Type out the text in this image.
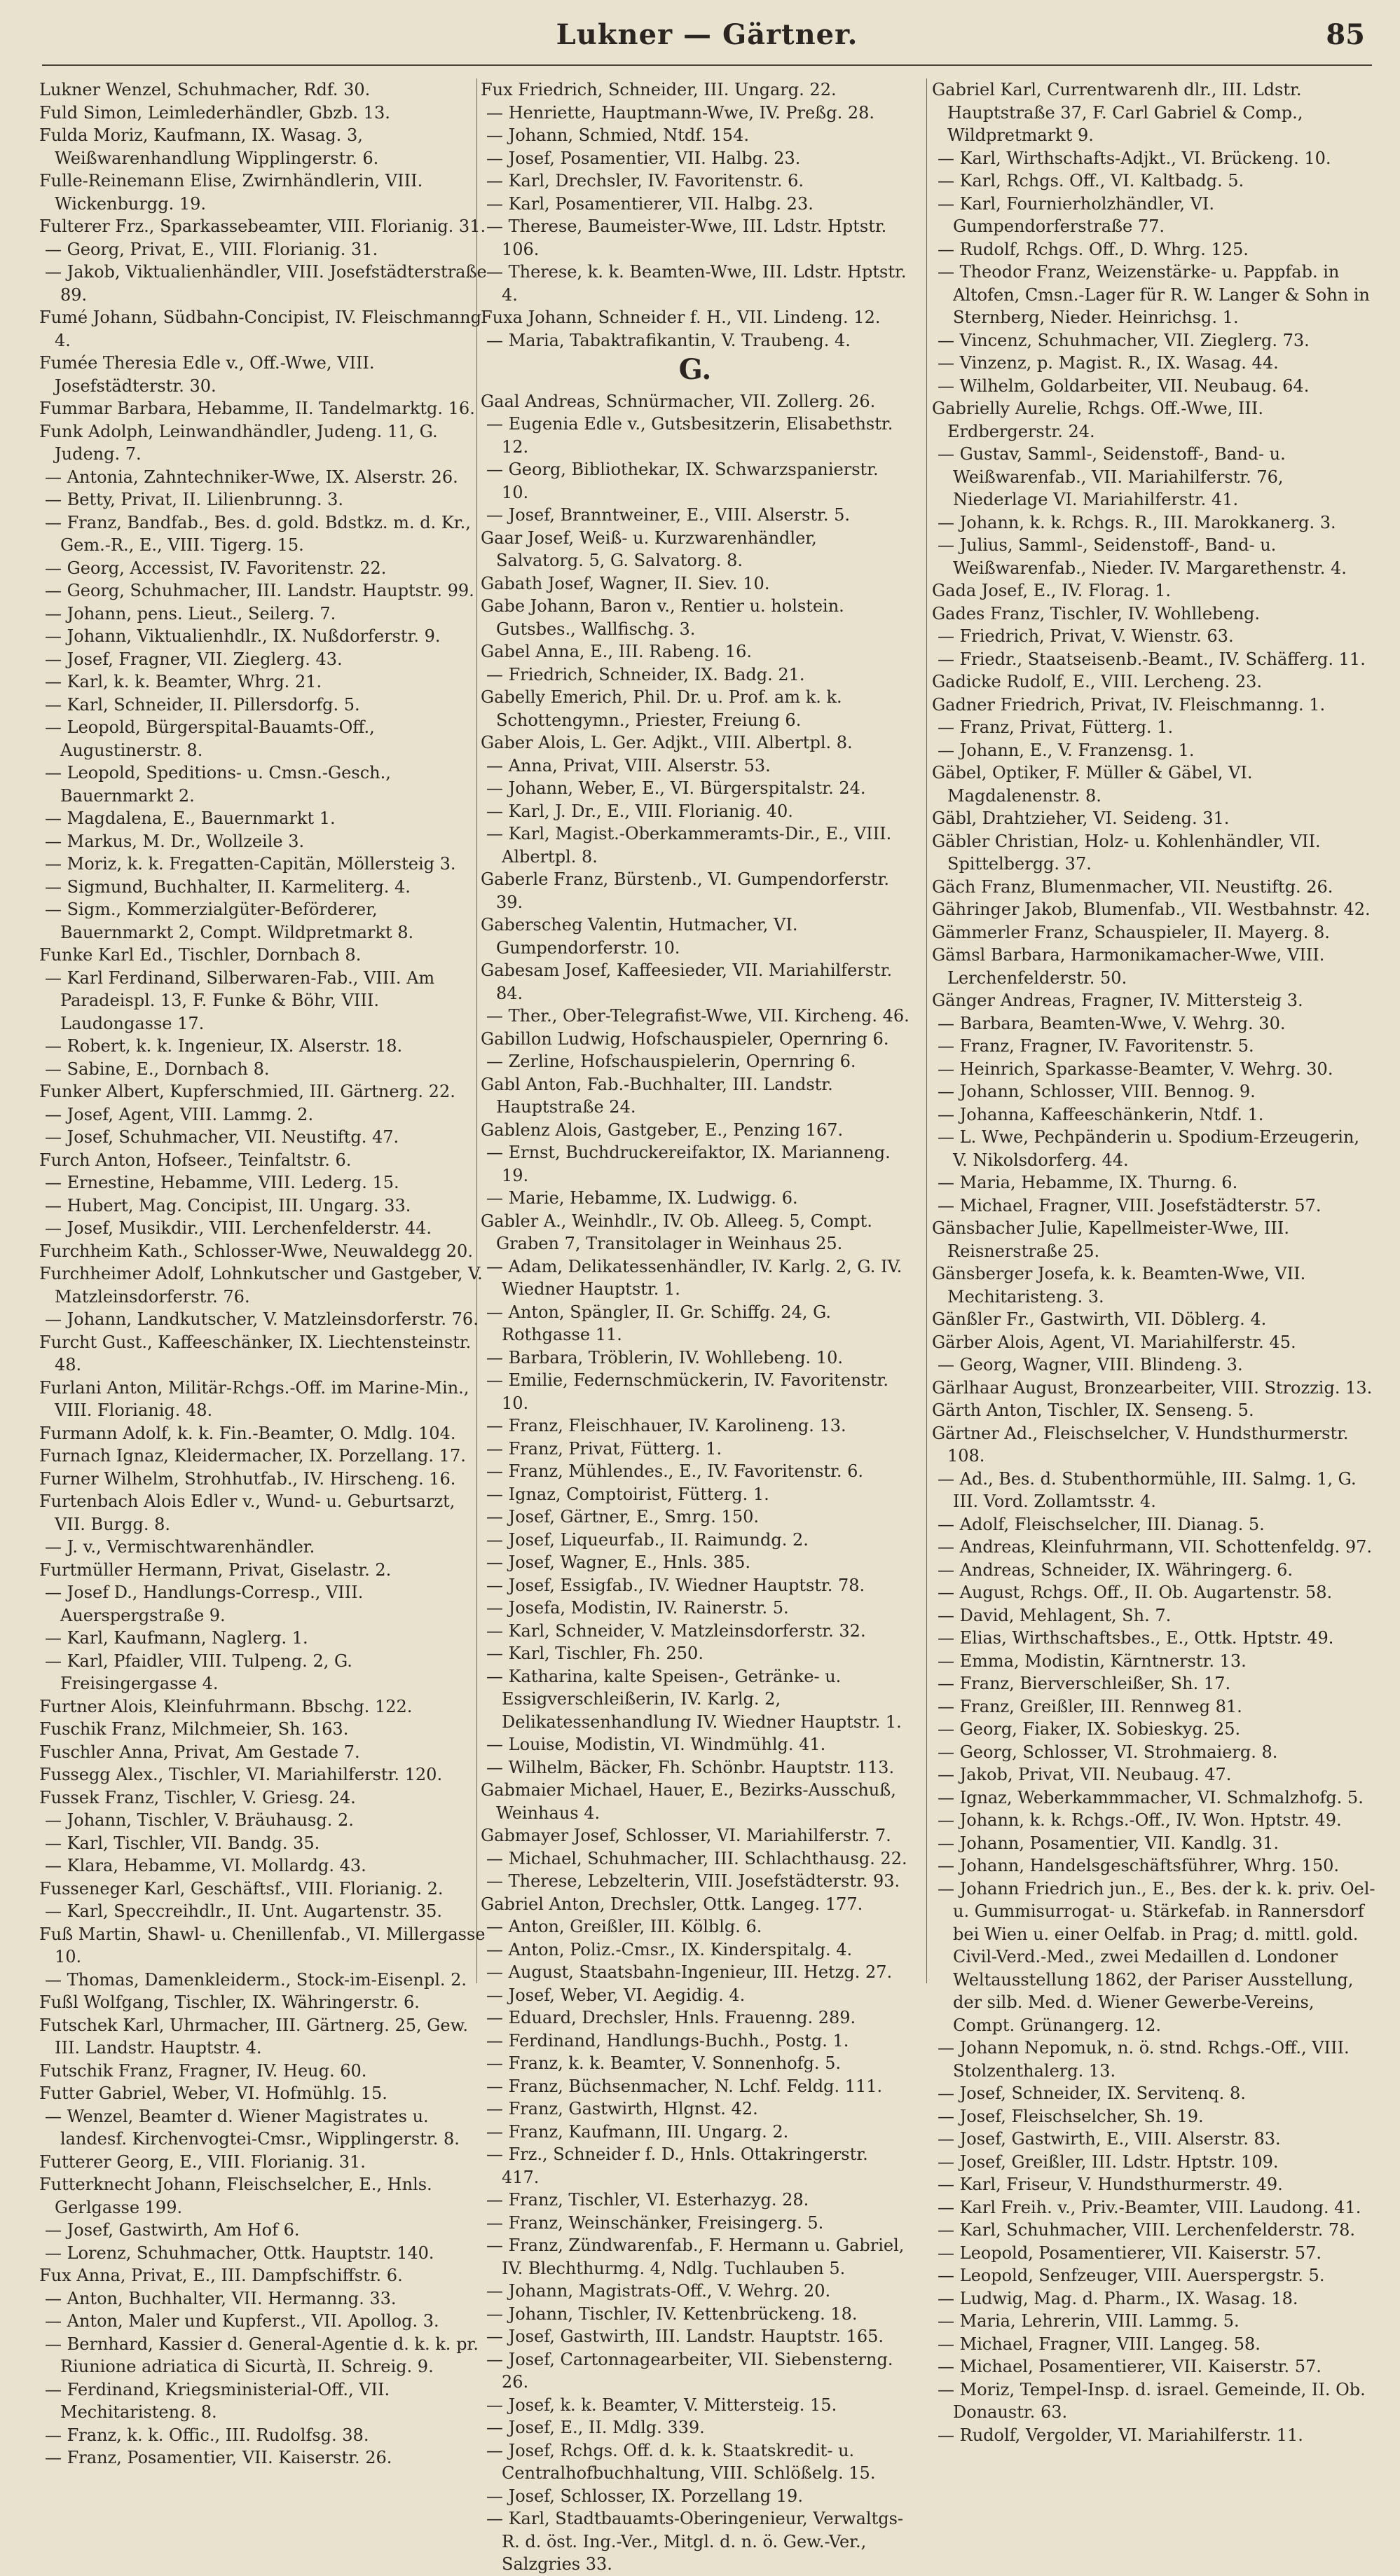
Lukner — Gärtner.	85
Lukner Wenzel, Schuhmacher, Rdf. 30.
Fuld Simon, Leimlederhändler, Gbzb. 13.
Fulda Moriz, Kaufmann, IX. Wasag. 3, Weißwarenhandlung Wipplingerstr. 6.
Fulle-Reinemann Elise, Zwirnhändlerin, VIII. Wickenburgg. 19.
Fulterer Frz., Sparkassebeamter, VIII. Florianig. 31.
— Georg, Privat, E., VIII. Florianig. 31.
— Jakob, Viktualienhändler, VIII. Josefstädterstraße 89.
Fumé Johann, Südbahn-Concipist, IV. Fleischmanng. 4.
Fumée Theresia Edle v., Off.-Wwe, VIII. Josefstädterstr. 30.
Fummar Barbara, Hebamme, II. Tandelmarktg. 16.
Funk Adolph, Leinwandhändler, Judeng. 11, G. Judeng. 7.
— Antonia, Zahntechniker-Wwe, IX. Alserstr. 26.
— Betty, Privat, II. Lilienbrunng. 3.
— Franz, Bandfab., Bes. d. gold. Bdstkz. m. d. Kr., Gem.-R., E., VIII. Tigerg. 15.
— Georg, Accessist, IV. Favoritenstr. 22.
— Georg, Schuhmacher, III. Landstr. Hauptstr. 99.
— Johann, pens. Lieut., Seilerg. 7.
— Johann, Viktualienhdlr., IX. Nußdorferstr. 9.
— Josef, Fragner, VII. Zieglerg. 43.
— Karl, k. k. Beamter, Whrg. 21.
— Karl, Schneider, II. Pillersdorfg. 5.
— Leopold, Bürgerspital-Bauamts-Off., Augustinerstr. 8.
— Leopold, Speditions- u. Cmsn.-Gesch., Bauernmarkt 2.
— Magdalena, E., Bauernmarkt 1.
— Markus, M. Dr., Wollzeile 3.
— Moriz, k. k. Fregatten-Capitän, Möllersteig 3.
— Sigmund, Buchhalter, II. Karmeliterg. 4.
— Sigm., Kommerzialgüter-Beförderer, Bauernmarkt 2, Compt. Wildpretmarkt 8.
Funke Karl Ed., Tischler, Dornbach 8.
— Karl Ferdinand, Silberwaren-Fab., VIII. Am Paradeispl. 13, F. Funke & Böhr, VIII. Laudongasse 17.
— Robert, k. k. Ingenieur, IX. Alserstr. 18.
— Sabine, E., Dornbach 8.
Funker Albert, Kupferschmied, III. Gärtnerg. 22.
— Josef, Agent, VIII. Lammg. 2.
— Josef, Schuhmacher, VII. Neustiftg. 47.
Furch Anton, Hofseer., Teinfaltstr. 6.
— Ernestine, Hebamme, VIII. Lederg. 15.
— Hubert, Mag. Concipist, III. Ungarg. 33.
— Josef, Musikdir., VIII. Lerchenfelderstr. 44.
Furchheim Kath., Schlosser-Wwe, Neuwaldegg 20.
Furchheimer Adolf, Lohnkutscher und Gastgeber, V. Matzleinsdorferstr. 76.
— Johann, Landkutscher, V. Matzleinsdorferstr. 76.
Furcht Gust., Kaffeeschänker, IX. Liechtensteinstr. 48.
Furlani Anton, Militär-Rchgs.-Off. im Marine-Min., VIII. Florianig. 48.
Furmann Adolf, k. k. Fin.-Beamter, O. Mdlg. 104.
Furnach Ignaz, Kleidermacher, IX. Porzellang. 17.
Furner Wilhelm, Strohhutfab., IV. Hirscheng. 16.
Furtenbach Alois Edler v., Wund- u. Geburtsarzt, VII. Burgg. 8.
— J. v., Vermischtwarenhändler.
Furtmüller Hermann, Privat, Giselastr. 2.
— Josef D., Handlungs-Corresp., VIII. Auerspergstraße 9.
— Karl, Kaufmann, Naglerg. 1.
— Karl, Pfaidler, VIII. Tulpeng. 2, G. Freisingergasse 4.
Furtner Alois, Kleinfuhrmann. Bbschg. 122.
Fuschik Franz, Milchmeier, Sh. 163.
Fuschler Anna, Privat, Am Gestade 7.
Fussegg Alex., Tischler, VI. Mariahilferstr. 120.
Fussek Franz, Tischler, V. Griesg. 24.
— Johann, Tischler, V. Bräuhausg. 2.
— Karl, Tischler, VII. Bandg. 35.
— Klara, Hebamme, VI. Mollardg. 43.
Fusseneger Karl, Geschäftsf., VIII. Florianig. 2.
— Karl, Speccreihdlr., II. Unt. Augartenstr. 35.
Fuß Martin, Shawl- u. Chenillenfab., VI. Millergasse 10.
— Thomas, Damenkleiderm., Stock-im-Eisenpl. 2.
Fußl Wolfgang, Tischler, IX. Währingerstr. 6.
Futschek Karl, Uhrmacher, III. Gärtnerg. 25, Gew. III. Landstr. Hauptstr. 4.
Futschik Franz, Fragner, IV. Heug. 60.
Futter Gabriel, Weber, VI. Hofmühlg. 15.
— Wenzel, Beamter d. Wiener Magistrates u. landesf. Kirchenvogtei-Cmsr., Wipplingerstr. 8.
Futterer Georg, E., VIII. Florianig. 31.
Futterknecht Johann, Fleischselcher, E., Hnls. Gerlgasse 199.
— Josef, Gastwirth, Am Hof 6.
— Lorenz, Schuhmacher, Ottk. Hauptstr. 140.
Fux Anna, Privat, E., III. Dampfschiffstr. 6.
— Anton, Buchhalter, VII. Hermanng. 33.
— Anton, Maler und Kupferst., VII. Apollog. 3.
— Bernhard, Kassier d. General-Agentie d. k. k. pr. Riunione adriatica di Sicurtà, II. Schreig. 9.
— Ferdinand, Kriegsministerial-Off., VII. Mechitaristeng. 8.
— Franz, k. k. Offic., III. Rudolfsg. 38.
— Franz, Posamentier, VII. Kaiserstr. 26.
Fux Friedrich, Schneider, III. Ungarg. 22.
— Henriette, Hauptmann-Wwe, IV. Preßg. 28.
— Johann, Schmied, Ntdf. 154.
— Josef, Posamentier, VII. Halbg. 23.
— Karl, Drechsler, IV. Favoritenstr. 6.
— Karl, Posamentierer, VII. Halbg. 23.
— Therese, Baumeister-Wwe, III. Ldstr. Hptstr. 106.
— Therese, k. k. Beamten-Wwe, III. Ldstr. Hptstr. 4.
Fuxa Johann, Schneider f. H., VII. Lindeng. 12.
— Maria, Tabaktrafikantin, V. Traubeng. 4.
G.
Gaal Andreas, Schnürmacher, VII. Zollerg. 26.
— Eugenia Edle v., Gutsbesitzerin, Elisabethstr. 12.
— Georg, Bibliothekar, IX. Schwarzspanierstr. 10.
— Josef, Branntweiner, E., VIII. Alserstr. 5.
Gaar Josef, Weiß- u. Kurzwarenhändler, Salvatorg. 5, G. Salvatorg. 8.
Gabath Josef, Wagner, II. Siev. 10.
Gabe Johann, Baron v., Rentier u. holstein. Gutsbes., Wallfischg. 3.
Gabel Anna, E., III. Rabeng. 16.
— Friedrich, Schneider, IX. Badg. 21.
Gabelly Emerich, Phil. Dr. u. Prof. am k. k. Schottengymn., Priester, Freiung 6.
Gaber Alois, L. Ger. Adjkt., VIII. Albertpl. 8.
— Anna, Privat, VIII. Alserstr. 53.
— Johann, Weber, E., VI. Bürgerspitalstr. 24.
— Karl, J. Dr., E., VIII. Florianig. 40.
— Karl, Magist.-Oberkammeramts-Dir., E., VIII. Albertpl. 8.
Gaberle Franz, Bürstenb., VI. Gumpendorferstr. 39.
Gaberscheg Valentin, Hutmacher, VI. Gumpendorferstr. 10.
Gabesam Josef, Kaffeesieder, VII. Mariahilferstr. 84.
— Ther., Ober-Telegrafist-Wwe, VII. Kircheng. 46.
Gabillon Ludwig, Hofschauspieler, Opernring 6.
— Zerline, Hofschauspielerin, Opernring 6.
Gabl Anton, Fab.-Buchhalter, III. Landstr. Hauptstraße 24.
Gablenz Alois, Gastgeber, E., Penzing 167.
— Ernst, Buchdruckereifaktor, IX. Marianneng. 19.
— Marie, Hebamme, IX. Ludwigg. 6.
Gabler A., Weinhdlr., IV. Ob. Alleeg. 5, Compt. Graben 7, Transitolager in Weinhaus 25.
— Adam, Delikatessenhändler, IV. Karlg. 2, G. IV. Wiedner Hauptstr. 1.
— Anton, Spängler, II. Gr. Schiffg. 24, G. Rothgasse 11.
— Barbara, Tröblerin, IV. Wohllebeng. 10.
— Emilie, Federnschmückerin, IV. Favoritenstr. 10.
— Franz, Fleischhauer, IV. Karolineng. 13.
— Franz, Privat, Fütterg. 1.
— Franz, Mühlendes., E., IV. Favoritenstr. 6.
— Ignaz, Comptoirist, Fütterg. 1.
— Josef, Gärtner, E., Smrg. 150.
— Josef, Liqueurfab., II. Raimundg. 2.
— Josef, Wagner, E., Hnls. 385.
— Josef, Essigfab., IV. Wiedner Hauptstr. 78.
— Josefa, Modistin, IV. Rainerstr. 5.
— Karl, Schneider, V. Matzleinsdorferstr. 32.
— Karl, Tischler, Fh. 250.
— Katharina, kalte Speisen-, Getränke- u. Essigverschleißerin, IV. Karlg. 2, Delikatessenhandlung IV. Wiedner Hauptstr. 1.
— Louise, Modistin, VI. Windmühlg. 41.
— Wilhelm, Bäcker, Fh. Schönbr. Hauptstr. 113.
Gabmaier Michael, Hauer, E., Bezirks-Ausschuß, Weinhaus 4.
Gabmayer Josef, Schlosser, VI. Mariahilferstr. 7.
— Michael, Schuhmacher, III. Schlachthausg. 22.
— Therese, Lebzelterin, VIII. Josefstädterstr. 93.
Gabriel Anton, Drechsler, Ottk. Langeg. 177.
— Anton, Greißler, III. Kölblg. 6.
— Anton, Poliz.-Cmsr., IX. Kinderspitalg. 4.
— August, Staatsbahn-Ingenieur, III. Hetzg. 27.
— Josef, Weber, VI. Aegidig. 4.
— Eduard, Drechsler, Hnls. Frauenng. 289.
— Ferdinand, Handlungs-Buchh., Postg. 1.
— Franz, k. k. Beamter, V. Sonnenhofg. 5.
— Franz, Büchsenmacher, N. Lchf. Feldg. 111.
— Franz, Gastwirth, Hlgnst. 42.
— Franz, Kaufmann, III. Ungarg. 2.
— Frz., Schneider f. D., Hnls. Ottakringerstr. 417.
— Franz, Tischler, VI. Esterhazyg. 28.
— Franz, Weinschänker, Freisingerg. 5.
— Franz, Zündwarenfab., F. Hermann u. Gabriel, IV. Blechthurmg. 4, Ndlg. Tuchlauben 5.
— Johann, Magistrats-Off., V. Wehrg. 20.
— Johann, Tischler, IV. Kettenbrückeng. 18.
— Josef, Gastwirth, III. Landstr. Hauptstr. 165.
— Josef, Cartonnagearbeiter, VII. Siebensterng. 26.
— Josef, k. k. Beamter, V. Mittersteig. 15.
— Josef, E., II. Mdlg. 339.
— Josef, Rchgs. Off. d. k. k. Staatskredit- u. Centralhofbuchhaltung, VIII. Schlößelg. 15.
— Josef, Schlosser, IX. Porzellang 19.
— Karl, Stadtbauamts-Oberingenieur, Verwaltgs-R. d. öst. Ing.-Ver., Mitgl. d. n. ö. Gew.-Ver., Salzgries 33.
Gabriel Karl, Currentwarenh dlr., III. Ldstr. Hauptstraße 37, F. Carl Gabriel & Comp., Wildpretmarkt 9.
— Karl, Wirthschafts-Adjkt., VI. Brückeng. 10.
— Karl, Rchgs. Off., VI. Kaltbadg. 5.
— Karl, Fournierholzhändler, VI. Gumpendorferstraße 77.
— Rudolf, Rchgs. Off., D. Whrg. 125.
— Theodor Franz, Weizenstärke- u. Pappfab. in Altofen, Cmsn.-Lager für R. W. Langer & Sohn in Sternberg, Nieder. Heinrichsg. 1.
— Vincenz, Schuhmacher, VII. Zieglerg. 73.
— Vinzenz, p. Magist. R., IX. Wasag. 44.
— Wilhelm, Goldarbeiter, VII. Neubaug. 64.
Gabrielly Aurelie, Rchgs. Off.-Wwe, III. Erdbergerstr. 24.
— Gustav, Samml-, Seidenstoff-, Band- u. Weißwarenfab., VII. Mariahilferstr. 76, Niederlage VI. Mariahilferstr. 41.
— Johann, k. k. Rchgs. R., III. Marokkanerg. 3.
— Julius, Samml-, Seidenstoff-, Band- u. Weißwarenfab., Nieder. IV. Margarethenstr. 4.
Gada Josef, E., IV. Florag. 1.
Gades Franz, Tischler, IV. Wohllebeng.
— Friedrich, Privat, V. Wienstr. 63.
— Friedr., Staatseisenb.-Beamt., IV. Schäfferg. 11.
Gadicke Rudolf, E., VIII. Lercheng. 23.
Gadner Friedrich, Privat, IV. Fleischmanng. 1.
— Franz, Privat, Fütterg. 1.
— Johann, E., V. Franzensg. 1.
Gäbel, Optiker, F. Müller & Gäbel, VI. Magdalenenstr. 8.
Gäbl, Drahtzieher, VI. Seideng. 31.
Gäbler Christian, Holz- u. Kohlenhändler, VII. Spittelbergg. 37.
Gäch Franz, Blumenmacher, VII. Neustiftg. 26.
Gähringer Jakob, Blumenfab., VII. Westbahnstr. 42.
Gämmerler Franz, Schauspieler, II. Mayerg. 8.
Gämsl Barbara, Harmonikamacher-Wwe, VIII. Lerchenfelderstr. 50.
Gänger Andreas, Fragner, IV. Mittersteig 3.
— Barbara, Beamten-Wwe, V. Wehrg. 30.
— Franz, Fragner, IV. Favoritenstr. 5.
— Heinrich, Sparkasse-Beamter, V. Wehrg. 30.
— Johann, Schlosser, VIII. Bennog. 9.
— Johanna, Kaffeeschänkerin, Ntdf. 1.
— L. Wwe, Pechpänderin u. Spodium-Erzeugerin, V. Nikolsdorferg. 44.
— Maria, Hebamme, IX. Thurng. 6.
— Michael, Fragner, VIII. Josefstädterstr. 57.
Gänsbacher Julie, Kapellmeister-Wwe, III. Reisnerstraße 25.
Gänsberger Josefa, k. k. Beamten-Wwe, VII. Mechitaristeng. 3.
Gänßler Fr., Gastwirth, VII. Döblerg. 4.
Gärber Alois, Agent, VI. Mariahilferstr. 45.
— Georg, Wagner, VIII. Blindeng. 3.
Gärlhaar August, Bronzearbeiter, VIII. Strozzig. 13.
Gärth Anton, Tischler, IX. Senseng. 5.
Gärtner Ad., Fleischselcher, V. Hundsthurmerstr. 108.
— Ad., Bes. d. Stubenthormühle, III. Salmg. 1, G. III. Vord. Zollamtsstr. 4.
— Adolf, Fleischselcher, III. Dianag. 5.
— Andreas, Kleinfuhrmann, VII. Schottenfeldg. 97.
— Andreas, Schneider, IX. Währingerg. 6.
— August, Rchgs. Off., II. Ob. Augartenstr. 58.
— David, Mehlagent, Sh. 7.
— Elias, Wirthschaftsbes., E., Ottk. Hptstr. 49.
— Emma, Modistin, Kärntnerstr. 13.
— Franz, Bierverschleißer, Sh. 17.
— Franz, Greißler, III. Rennweg 81.
— Georg, Fiaker, IX. Sobieskyg. 25.
— Georg, Schlosser, VI. Strohmaierg. 8.
— Jakob, Privat, VII. Neubaug. 47.
— Ignaz, Weberkammmacher, VI. Schmalzhofg. 5.
— Johann, k. k. Rchgs.-Off., IV. Won. Hptstr. 49.
— Johann, Posamentier, VII. Kandlg. 31.
— Johann, Handelsgeschäftsführer, Whrg. 150.
— Johann Friedrich jun., E., Bes. der k. k. priv. Oel- u. Gummisurrogat- u. Stärkefab. in Rannersdorf bei Wien u. einer Oelfab. in Prag; d. mittl. gold. Civil-Verd.-Med., zwei Medaillen d. Londoner Weltausstellung 1862, der Pariser Ausstellung, der silb. Med. d. Wiener Gewerbe-Vereins, Compt. Grünangerg. 12.
— Johann Nepomuk, n. ö. stnd. Rchgs.-Off., VIII. Stolzenthalerg. 13.
— Josef, Schneider, IX. Servitenq. 8.
— Josef, Fleischselcher, Sh. 19.
— Josef, Gastwirth, E., VIII. Alserstr. 83.
— Josef, Greißler, III. Ldstr. Hptstr. 109.
— Karl, Friseur, V. Hundsthurmerstr. 49.
— Karl Freih. v., Priv.-Beamter, VIII. Laudong. 41.
— Karl, Schuhmacher, VIII. Lerchenfelderstr. 78.
— Leopold, Posamentierer, VII. Kaiserstr. 57.
— Leopold, Senfzeuger, VIII. Auerspergstr. 5.
— Ludwig, Mag. d. Pharm., IX. Wasag. 18.
— Maria, Lehrerin, VIII. Lammg. 5.
— Michael, Fragner, VIII. Langeg. 58.
— Michael, Posamentierer, VII. Kaiserstr. 57.
— Moriz, Tempel-Insp. d. israel. Gemeinde, II. Ob. Donaustr. 63.
— Rudolf, Vergolder, VI. Mariahilferstr. 11.
